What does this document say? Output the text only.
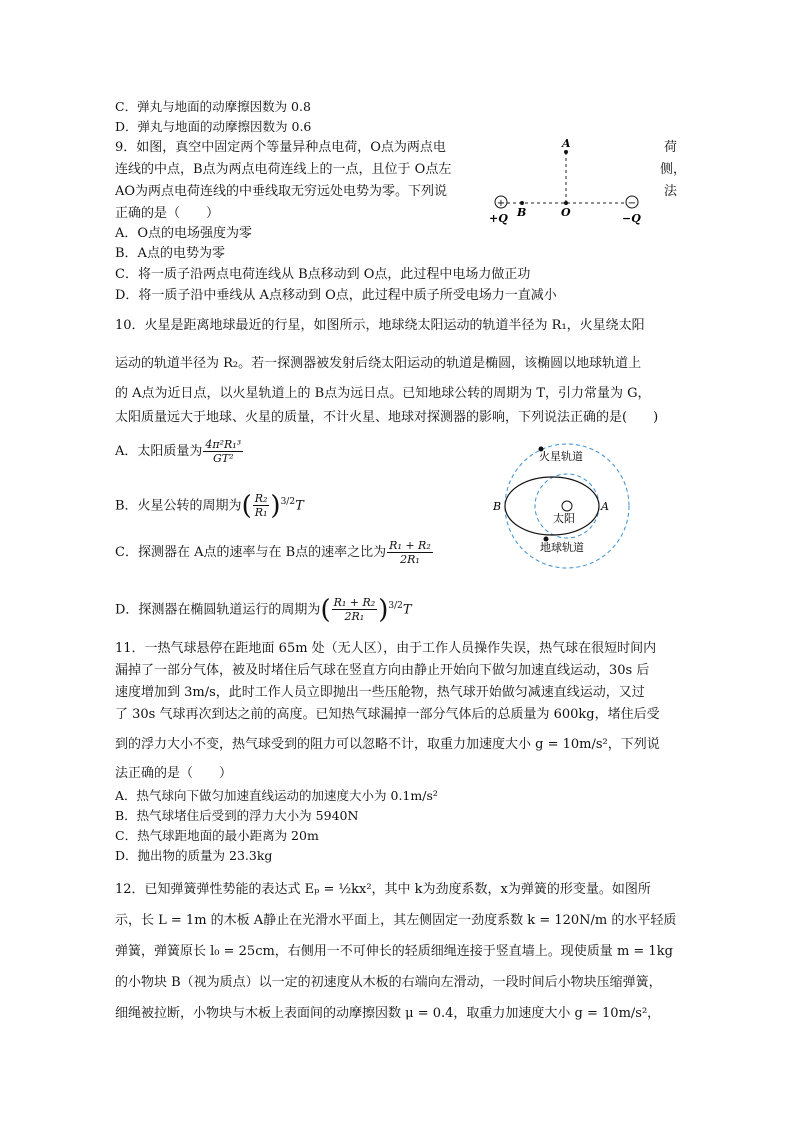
C．弹丸与地面的动摩擦因数为 0.8
D．弹丸与地面的动摩擦因数为 0.6
9．如图，真空中固定两个等量异种点电荷，O点为两点电	荷
连线的中点，B点为两点电荷连线上的一点，且位于 O点左	侧，
AO为两点电荷连线的中垂线取无穷远处电势为零。下列说	法
正确的是（　　）
A．O点的电场强度为零
B．A点的电势为零
C．将一质子沿两点电荷连线从 B点移动到 O点，此过程中电场力做正功
D．将一质子沿中垂线从 A点移动到 O点，此过程中质子所受电场力一直减小
+	−
A
B	O
+Q	−Q
10．火星是距离地球最近的行星，如图所示，地球绕太阳运动的轨道半径为 R₁，火星绕太阳
运动的轨道半径为 R₂。若一探测器被发射后绕太阳运动的轨道是椭圆，该椭圆以地球轨道上
的 A点为近日点，以火星轨道上的 B点为远日点。已知地球公转的周期为 T，引力常量为 G，
太阳质量远大于地球、火星的质量，不计火星、地球对探测器的影响，下列说法正确的是(　　)
A．太阳质量为 $\frac{\text{4π²R₁³}}{\text{GT²}}$
B．火星公转的周期为( $\frac{\text{R₂}}{\text{R₁}} )^{3/2}T$
C．探测器在 A点的速率与在 B点的速率之比为 $\frac{\text{R₁ + R₂}}{\text{2R₁}}$
D．探测器在椭圆轨道运行的周期为( $\frac{\text{R₁ + R₂}}{\text{2R₁}} )^{3/2}T$
火星轨道
地球轨道
太阳
B	A
11．一热气球悬停在距地面 65m 处（无人区），由于工作人员操作失误，热气球在很短时间内
漏掉了一部分气体，被及时堵住后气球在竖直方向由静止开始向下做匀加速直线运动，30s 后
速度增加到 3m/s，此时工作人员立即抛出一些压舱物，热气球开始做匀减速直线运动，又过
了 30s 气球再次到达之前的高度。已知热气球漏掉一部分气体后的总质量为 600kg，堵住后受
到的浮力大小不变，热气球受到的阻力可以忽略不计，取重力加速度大小 g = 10m/s²，下列说
法正确的是（　　）
A．热气球向下做匀加速直线运动的加速度大小为 0.1m/s²
B．热气球堵住后受到的浮力大小为 5940N
C．热气球距地面的最小距离为 20m
D．抛出物的质量为 23.3kg
12．已知弹簧弹性势能的表达式 Eₚ = ½kx²，其中 k为劲度系数，x为弹簧的形变量。如图所
示，长 L = 1m 的木板 A静止在光滑水平面上，其左侧固定一劲度系数 k = 120N/m 的水平轻质
弹簧，弹簧原长 l₀ = 25cm，右侧用一不可伸长的轻质细绳连接于竖直墙上。现使质量 m = 1kg
的小物块 B（视为质点）以一定的初速度从木板的右端向左滑动，一段时间后小物块压缩弹簧，
细绳被拉断，小物块与木板上表面间的动摩擦因数 μ = 0.4，取重力加速度大小 g = 10m/s²，
